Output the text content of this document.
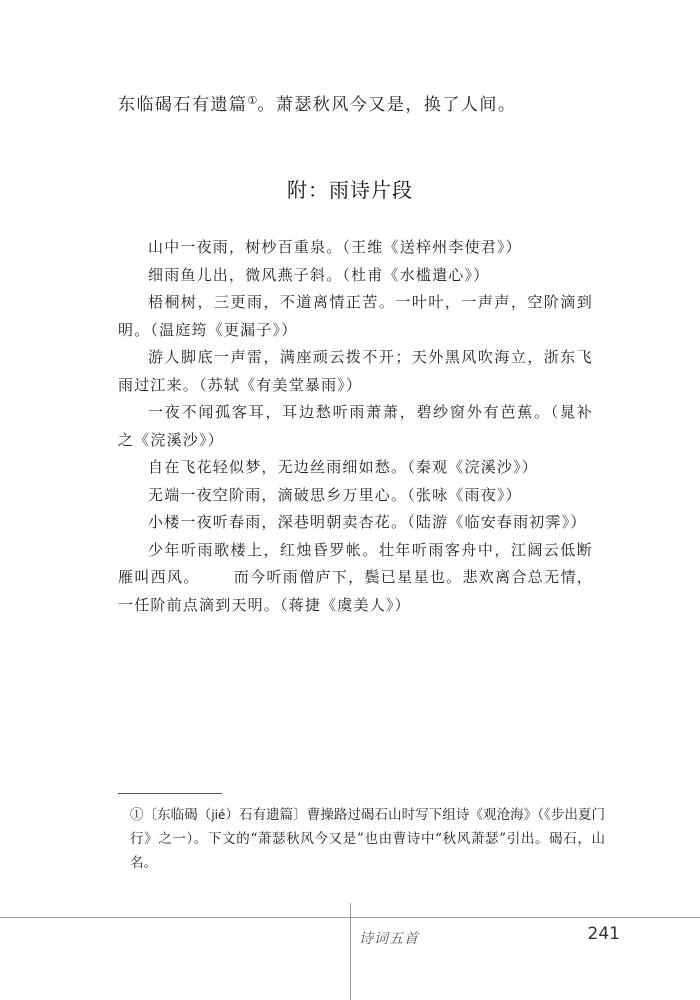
东临碣石有遗篇①。萧瑟秋风今又是，换了人间。
附：雨诗片段

山中一夜雨，树杪百重泉。（王维《送梓州李使君》）

细雨鱼儿出，微风燕子斜。（杜甫《水槛遣心》）

梧桐树，三更雨，不道离情正苦。一叶叶，一声声，空阶滴到明。（温庭筠《更漏子》）

游人脚底一声雷，满座顽云拨不开；天外黑风吹海立，浙东飞雨过江来。（苏轼《有美堂暴雨》）

一夜不闻孤客耳，耳边愁听雨萧萧，碧纱窗外有芭蕉。（晁补之《浣溪沙》）

自在飞花轻似梦，无边丝雨细如愁。（秦观《浣溪沙》）

无端一夜空阶雨，滴破思乡万里心。（张咏《雨夜》）

小楼一夜听春雨，深巷明朝卖杏花。（陆游《临安春雨初霁》）

少年听雨歌楼上，红烛昏罗帐。壮年听雨客舟中，江阔云低断雁叫西风。 而今听雨僧庐下，鬓已星星也。悲欢离合总无情，一任阶前点滴到天明。（蒋捷《虞美人》）

①〔东临碣（jié）石有遗篇〕曹操路过碣石山时写下组诗《观沧海》（《步出夏门行》之一）。下文的“萧瑟秋风今又是”也由曹诗中“秋风萧瑟”引出。碣石，山名。
诗词五首	241
